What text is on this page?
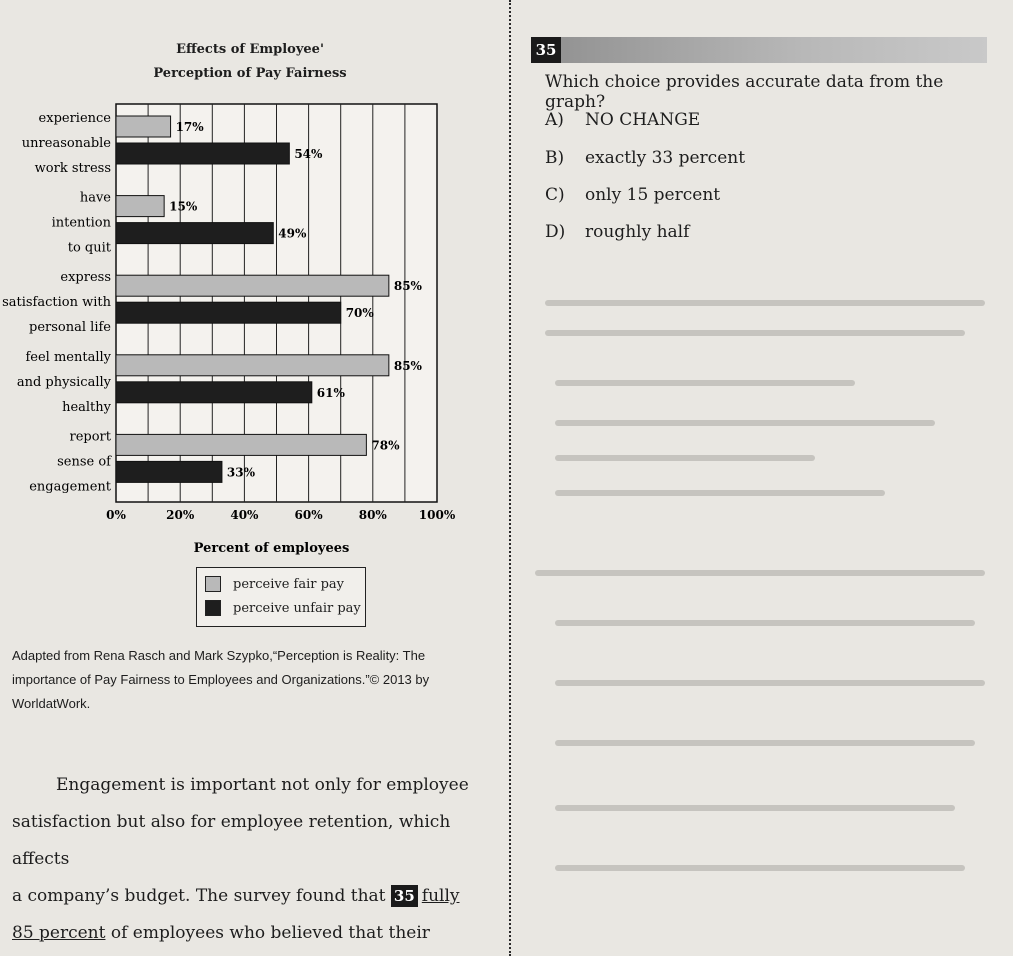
Effects of Employee'
Perception of Pay Fairness
0%	20%	40%	60%	80%	100%
Percent of employees
experience
unreasonable
work stress
17%
54%
have
intention
to quit
15%
49%
express
satisfaction with
personal life
85%
70%
feel mentally
and physically
healthy
85%
61%
report
sense of
engagement
78%
33%
perceive fair pay
perceive unfair pay
Adapted from Rena Rasch and Mark Szypko,“Perception is Reality: The
importance of Pay Fairness to Employees and Organizations.”© 2013 by
WorldatWork.
Engagement is important not only for employee
satisfaction but also for employee retention, which affects
a company’s budget. The survey found that 35 fully
85 percent of employees who believed that their
35
Which choice provides accurate data from the graph?
A)	NO CHANGE
B)	exactly 33 percent
C)	only 15 percent
D)	roughly half
